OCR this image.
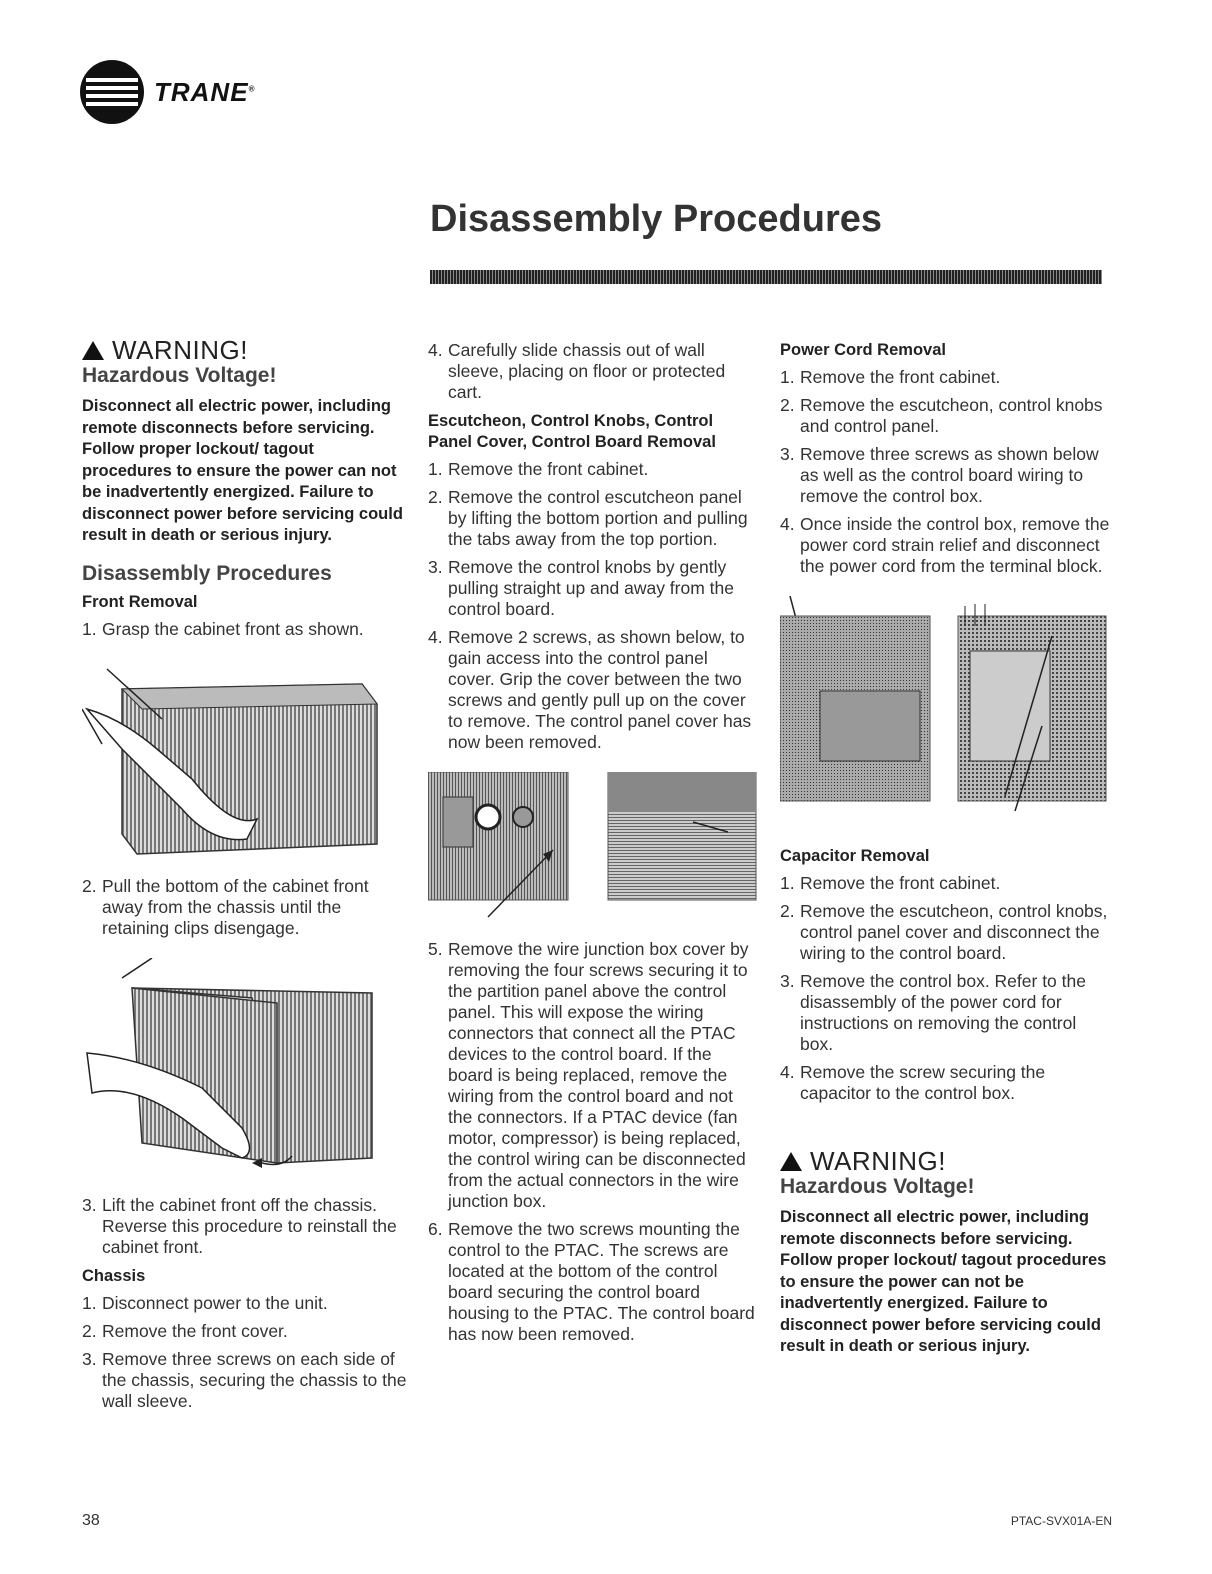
TRANE®
Disassembly Procedures
WARNING!
Hazardous Voltage!

Disconnect all electric power, including remote disconnects before servicing. Follow proper lockout/ tagout procedures to ensure the power can not be inadvertently energized. Failure to disconnect power before servicing could result in death or serious injury.

Disassembly Procedures
Front Removal
1. Grasp the cabinet front as shown.
2. Pull the bottom of the cabinet front away from the chassis until the retaining clips disengage.
3. Lift the cabinet front off the chassis. Reverse this procedure to reinstall the cabinet front.
Chassis
1. Disconnect power to the unit.
2. Remove the front cover.
3. Remove three screws on each side of the chassis, securing the chassis to the wall sleeve.
4. Carefully slide chassis out of wall sleeve, placing on floor or protected cart.
Escutcheon, Control Knobs, Control Panel Cover, Control Board Removal
1. Remove the front cabinet.
2. Remove the control escutcheon panel by lifting the bottom portion and pulling the tabs away from the top portion.
3. Remove the control knobs by gently pulling straight up and away from the control board.
4. Remove 2 screws, as shown below, to gain access into the control panel cover. Grip the cover between the two screws and gently pull up on the cover to remove. The control panel cover has now been removed.
5. Remove the wire junction box cover by removing the four screws securing it to the partition panel above the control panel. This will expose the wiring connectors that connect all the PTAC devices to the control board. If the board is being replaced, remove the wiring from the control board and not the connectors. If a PTAC device (fan motor, compressor) is being replaced, the control wiring can be disconnected from the actual connectors in the wire junction box.
6. Remove the two screws mounting the control to the PTAC. The screws are located at the bottom of the control board securing the control board housing to the PTAC. The control board has now been removed.
Power Cord Removal
1. Remove the front cabinet.
2. Remove the escutcheon, control knobs and control panel.
3. Remove three screws as shown below as well as the control board wiring to remove the control box.
4. Once inside the control box, remove the power cord strain relief and disconnect the power cord from the terminal block.
Capacitor Removal
1. Remove the front cabinet.
2. Remove the escutcheon, control knobs, control panel cover and disconnect the wiring to the control board.
3. Remove the control box. Refer to the disassembly of the power cord for instructions on removing the control box.
4. Remove the screw securing the capacitor to the control box.
WARNING!
Hazardous Voltage!

Disconnect all electric power, including remote disconnects before servicing. Follow proper lockout/ tagout procedures to ensure the power can not be inadvertently energized. Failure to disconnect power before servicing could result in death or serious injury.

38	PTAC-SVX01A-EN
